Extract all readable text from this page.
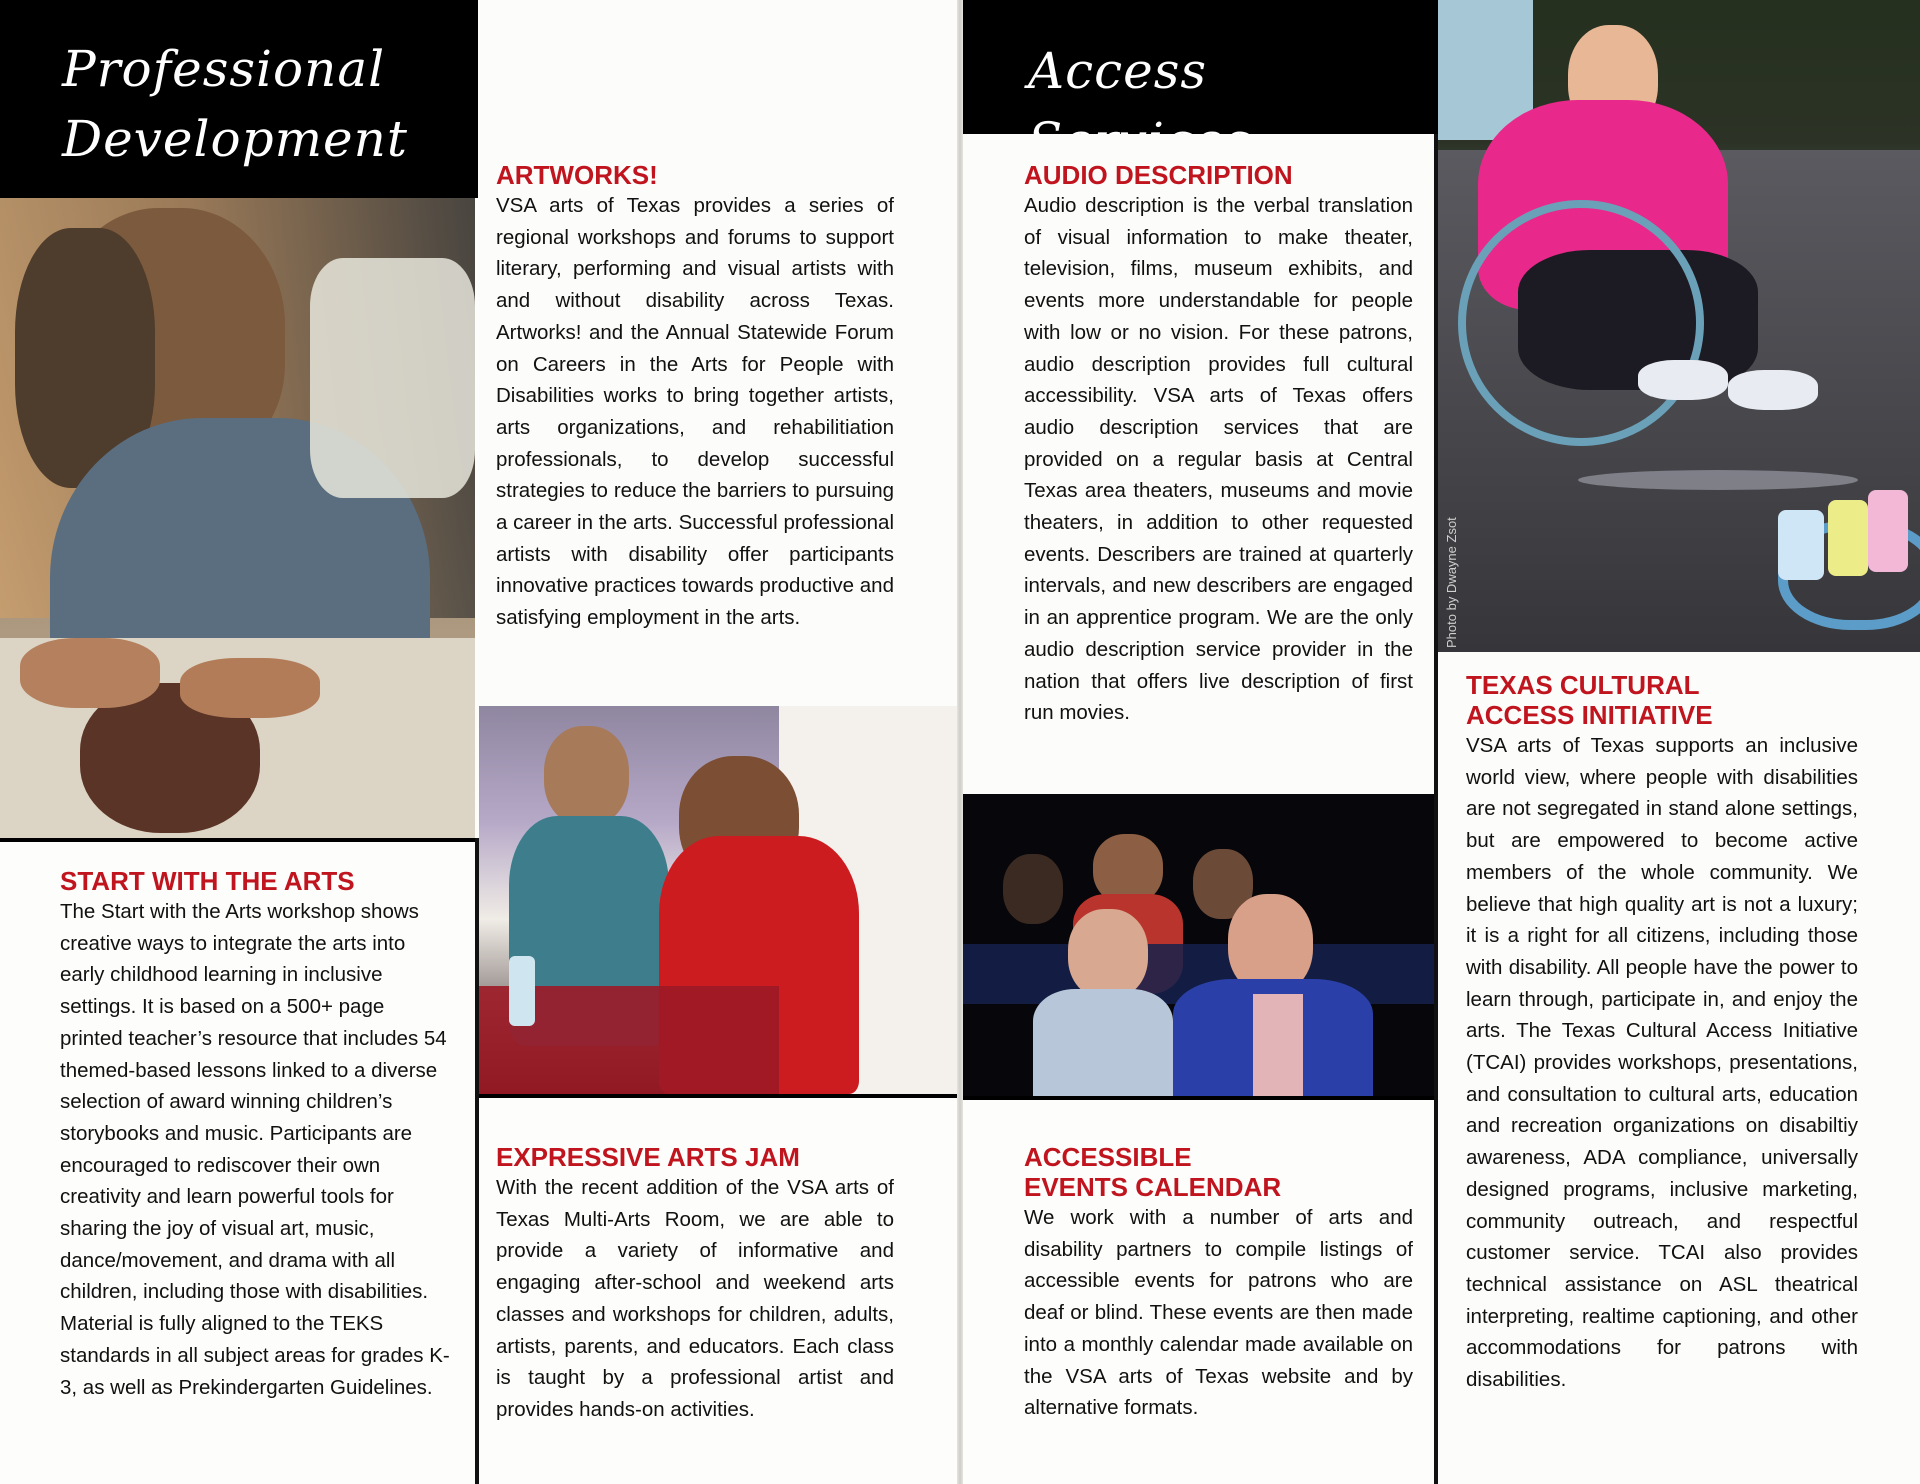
Professional
Development
START WITH THE ARTS

The Start with the Arts workshop shows creative ways to integrate the arts into early childhood learning in inclusive settings. It is based on a 500+ page printed teacher’s resource that includes 54 themed-based lessons linked to a diverse selection of award winning children’s storybooks and music. Participants are encouraged to rediscover their own creativity and learn powerful tools for sharing the joy of visual art, music, dance/movement, and drama with all children, including those with disabilities. Material is fully aligned to the TEKS standards in all subject areas for grades K-3, as well as Prekindergarten Guidelines.

ARTWORKS!

VSA arts of Texas provides a series of regional workshops and forums to support literary, performing and visual artists with and without disability across Texas. Artworks! and the Annual Statewide Forum on Careers in the Arts for People with Disabilities works to bring together artists, arts organizations, and rehabilitiation professionals, to develop successful strategies to reduce the barriers to pursuing a career in the arts. Successful professional artists with disability offer participants innovative practices towards productive and satisfying employment in the arts.

EXPRESSIVE ARTS JAM

With the recent addition of the VSA arts of Texas Multi-Arts Room, we are able to provide a variety of informative and engaging after-school and weekend arts classes and workshops for children, adults, artists, parents, and educators. Each class is taught by a professional artist and provides hands-on activities.

Access
AUDIO DESCRIPTION

Audio description is the verbal translation of visual information to make theater, television, films, museum exhibits, and events more understandable for people with low or no vision. For these patrons, audio description provides full cultural accessibility. VSA arts of Texas offers audio description services that are provided on a regular basis at Central Texas area theaters, museums and movie theaters, in addition to other requested events. Describers are trained at quarterly intervals, and new describers are engaged in an apprentice program. We are the only audio description service provider in the nation that offers live description of first run movies.

ACCESSIBLE
EVENTS CALENDAR

We work with a number of arts and disability partners to compile listings of accessible events for patrons who are deaf or blind. These events are then made into a monthly calendar made available on the VSA arts of Texas website and by alternative formats.

Photo by Dwayne Zsot
TEXAS CULTURAL
ACCESS INITIATIVE

VSA arts of Texas supports an inclusive world view, where people with disabilities are not segregated in stand alone settings, but are empowered to become active members of the whole community. We believe that high quality art is not a luxury; it is a right for all citizens, including those with disability. All people have the power to learn through, participate in, and enjoy the arts. The Texas Cultural Access Initiative (TCAI) provides workshops, presentations, and consultation to cultural arts, education and recreation organizations on disabiltiy awareness, ADA compliance, universally designed programs, inclusive marketing, community outreach, and respectful customer service. TCAI also provides technical assistance on ASL theatrical interpreting, realtime captioning, and other accommodations for patrons with disabilities.
